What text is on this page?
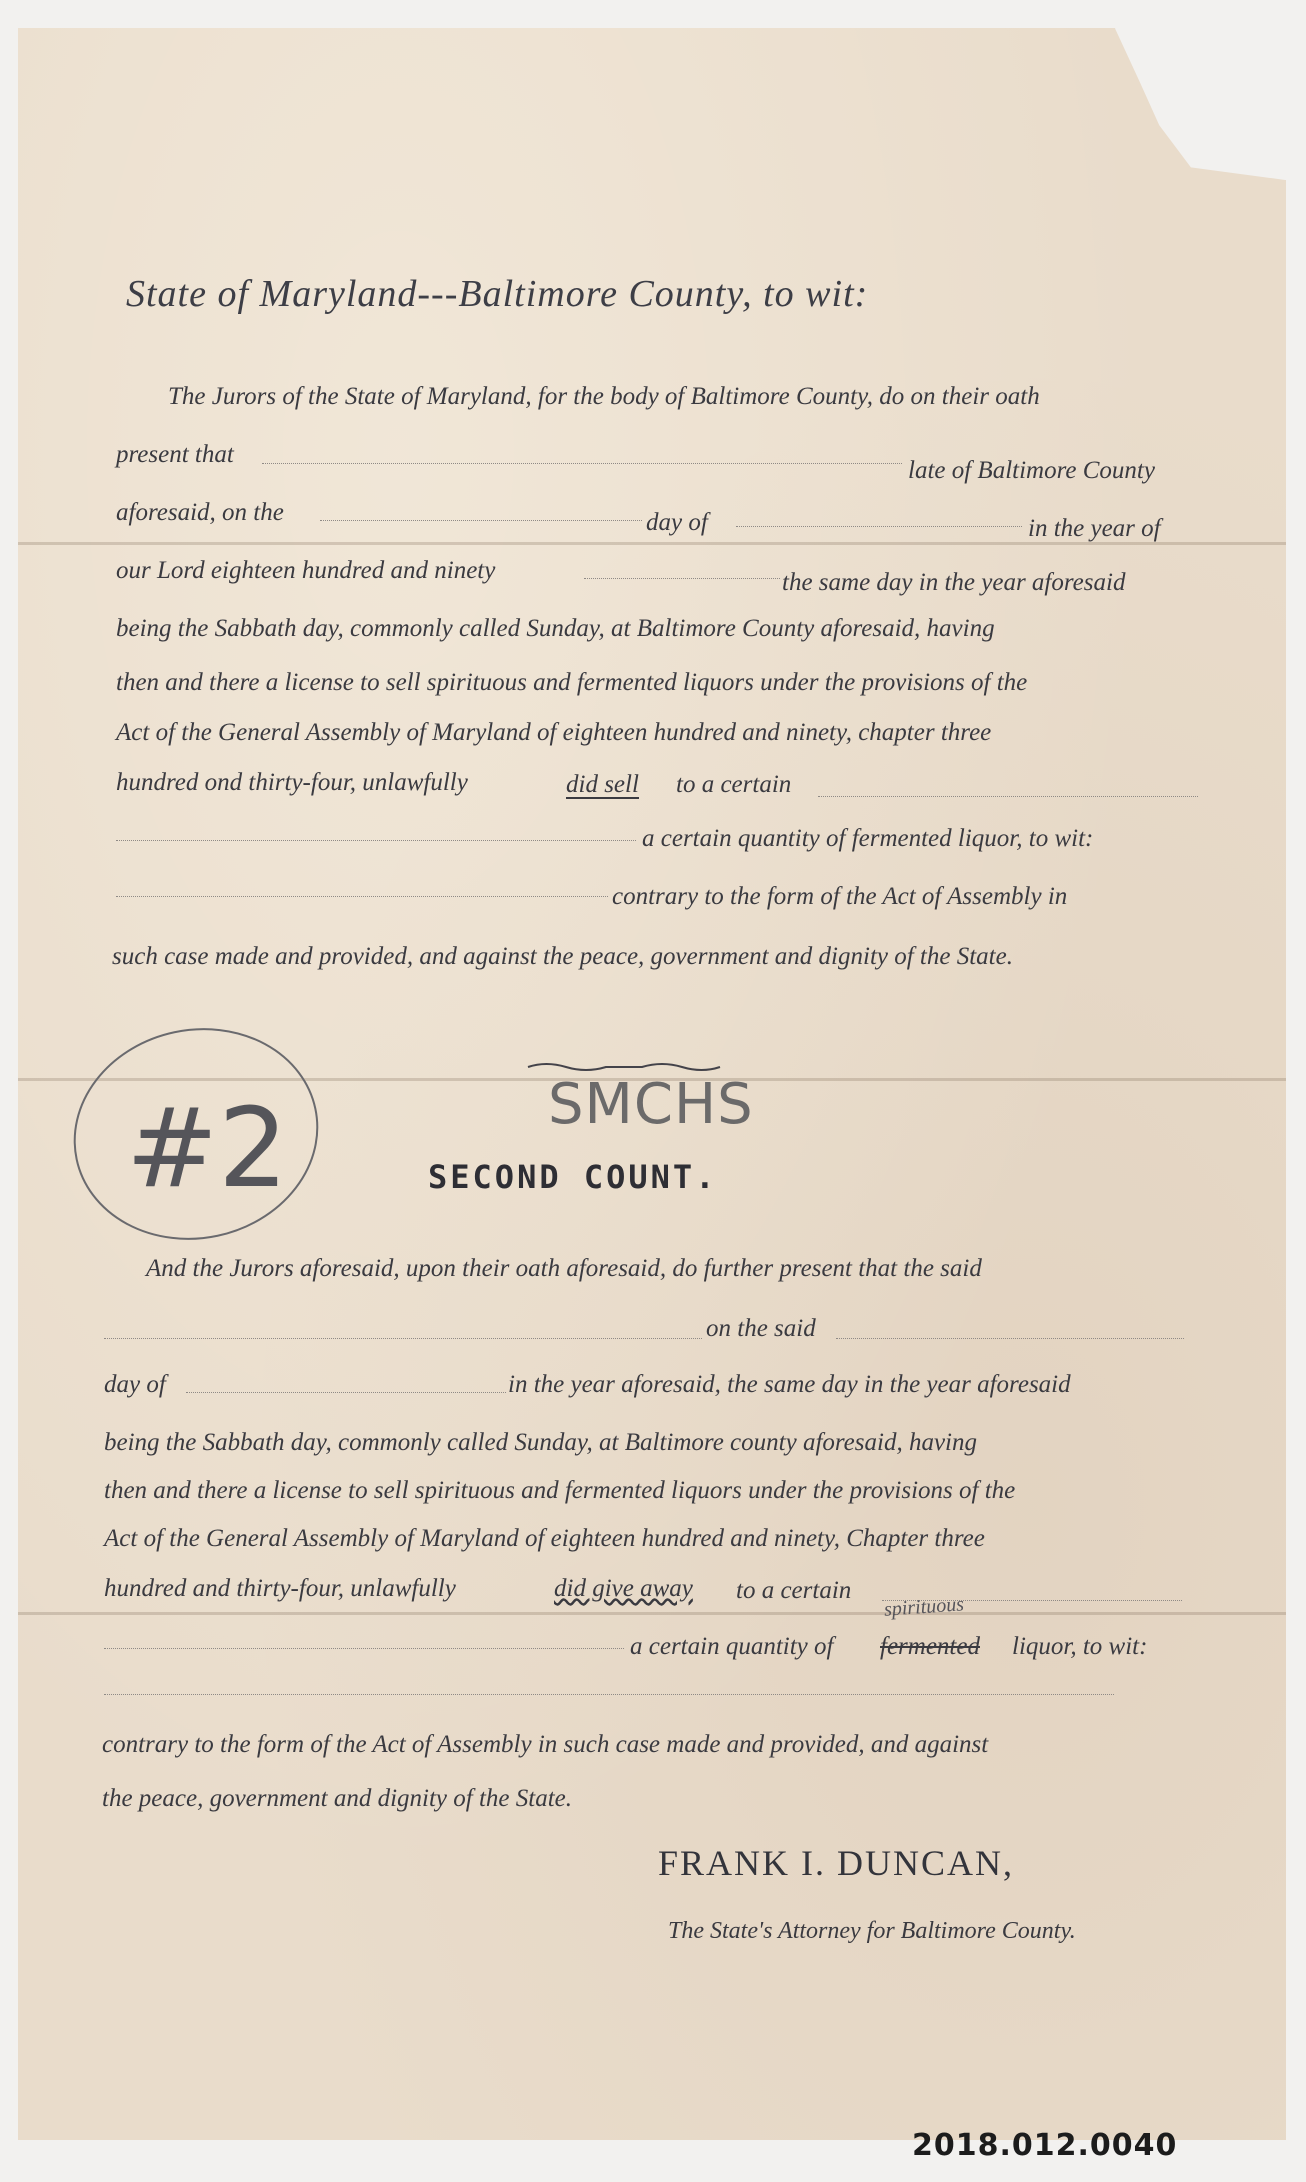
State of Maryland---Baltimore County, to wit:
The Jurors of the State of Maryland, for the body of Baltimore County, do on their oath
present that
late of Baltimore County
aforesaid, on the	day of	in the year of
our Lord eighteen hundred and ninety	the same day in the year aforesaid
being the Sabbath day, commonly called Sunday, at Baltimore County aforesaid, having
then and there a license to sell spirituous and fermented liquors under the provisions of the
Act of the General Assembly of Maryland of eighteen hundred and ninety, chapter three
hundred ond thirty-four, unlawfully	did sell to a certain
a certain quantity of fermented liquor, to wit:
contrary to the form of the Act of Assembly in
such case made and provided, and against the peace, government and dignity of the State.
SMCHS
#2	SECOND COUNT.
And the Jurors aforesaid, upon their oath aforesaid, do further present that the said
on the said
day of	in the year aforesaid, the same day in the year aforesaid
being the Sabbath day, commonly called Sunday, at Baltimore county aforesaid, having
then and there a license to sell spirituous and fermented liquors under the provisions of the
Act of the General Assembly of Maryland of eighteen hundred and ninety, Chapter three
hundred and thirty-four, unlawfully	did give away to a certain
a certain quantity of fermented liquor, to wit:
spirituous
contrary to the form of the Act of Assembly in such case made and provided, and against
the peace, government and dignity of the State.
FRANK I. DUNCAN,
The State's Attorney for Baltimore County.
2018.012.0040
